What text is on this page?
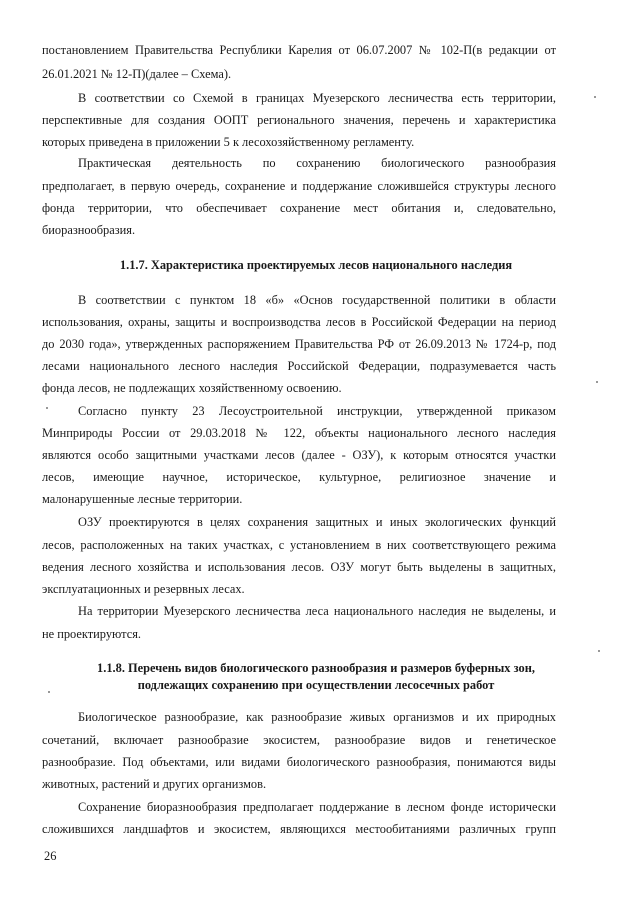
постановлением Правительства Республики Карелия от 06.07.2007 № 102-П(в редакции от
26.01.2021 № 12-П)(далее – Схема).
В соответствии со Схемой в границах Муезерского лесничества есть территории,
перспективные для создания ООПТ регионального значения, перечень и характеристика
которых приведена в приложении 5 к лесохозяйственному регламенту.
Практическая деятельность по сохранению биологического разнообразия
предполагает, в первую очередь, сохранение и поддержание сложившейся структуры лесного
фонда территории, что обеспечивает сохранение мест обитания и, следовательно,
биоразнообразия.
1.1.7. Характеристика проектируемых лесов национального наследия
В соответствии с пунктом 18 «б» «Основ государственной политики в области
использования, охраны, защиты и воспроизводства лесов в Российской Федерации на период
до 2030 года», утвержденных распоряжением Правительства РФ от 26.09.2013 № 1724-р, под
лесами национального лесного наследия Российской Федерации, подразумевается часть
фонда лесов, не подлежащих хозяйственному освоению.
Согласно пункту 23 Лесоустроительной инструкции, утвержденной приказом
Минприроды России от 29.03.2018 № 122, объекты национального лесного наследия
являются особо защитными участками лесов (далее - ОЗУ), к которым относятся участки
лесов, имеющие научное, историческое, культурное, религиозное значение и
малонарушенные лесные территории.
ОЗУ проектируются в целях сохранения защитных и иных экологических функций
лесов, расположенных на таких участках, с установлением в них соответствующего режима
ведения лесного хозяйства и использования лесов. ОЗУ могут быть выделены в защитных,
эксплуатационных и резервных лесах.
На территории Муезерского лесничества леса национального наследия не выделены, и
не проектируются.
1.1.8. Перечень видов биологического разнообразия и размеров буферных зон,
подлежащих сохранению при осуществлении лесосечных работ
Биологическое разнообразие, как разнообразие живых организмов и их природных
сочетаний, включает разнообразие экосистем, разнообразие видов и генетическое
разнообразие. Под объектами, или видами биологического разнообразия, понимаются виды
животных, растений и других организмов.
Сохранение биоразнообразия предполагает поддержание в лесном фонде исторически
сложившихся ландшафтов и экосистем, являющихся местообитаниями различных групп
26
